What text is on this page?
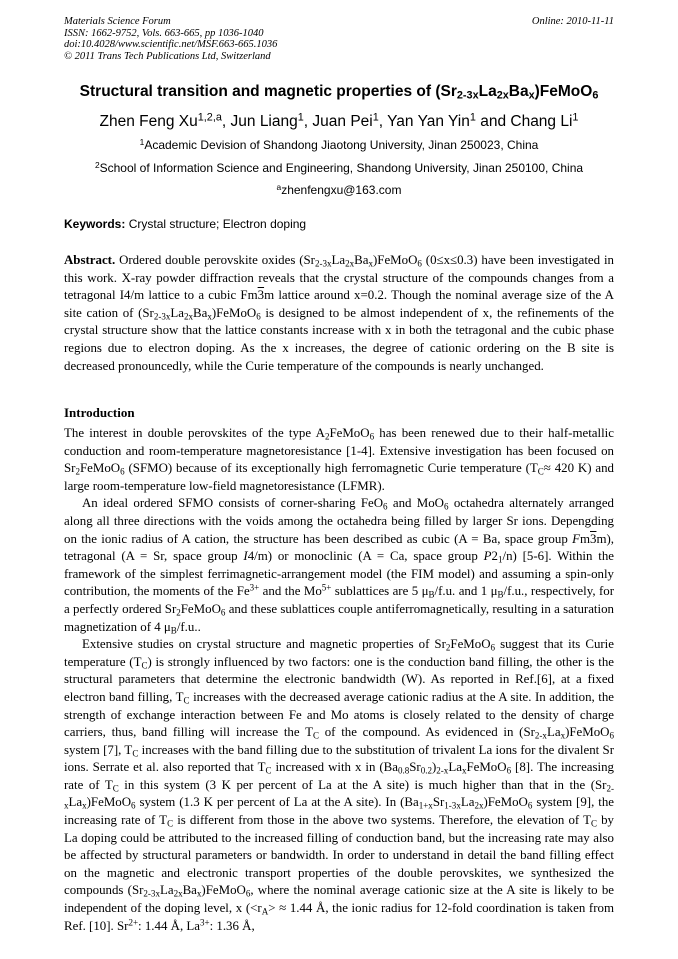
Materials Science Forum
ISSN: 1662-9752, Vols. 663-665, pp 1036-1040
doi:10.4028/www.scientific.net/MSF.663-665.1036
© 2011 Trans Tech Publications Ltd, Switzerland
Online: 2010-11-11
Structural transition and magnetic properties of $(Sr_{2-3x}La_{2x}Ba_x)FeMoO_6$
Zhen Feng Xu$^{1,2,a}$, Jun Liang$^1$, Juan Pei$^1$, Yan Yan Yin$^1$ and Chang Li$^1$
$^1$Academic Devision of Shandong Jiaotong University, Jinan 250023, China
$^2$School of Information Science and Engineering, Shandong University, Jinan 250100, China
$^a$zhenfengxu@163.com
Keywords: Crystal structure; Electron doping

Abstract. Ordered double perovskite oxides $(Sr_{2-3x}La_{2x}Ba_x)FeMoO_6$ (0≤x≤0.3) have been investigated in this work. X-ray powder diffraction reveals that the crystal structure of the compounds changes from a tetragonal I4/m lattice to a cubic Fm3m lattice around x=0.2. Though the nominal average size of the A site cation of $(Sr_{2-3x}La_{2x}Ba_x)FeMoO_6$ is designed to be almost independent of x, the refinements of the crystal structure show that the lattice constants increase with x in both the tetragonal and the cubic phase regions due to electron doping. As the x increases, the degree of cationic ordering on the B site is decreased pronouncedly, while the Curie temperature of the compounds is nearly unchanged.

Introduction

The interest in double perovskites of the type $A_2FeMoO_6$ has been renewed due to their half-metallic conduction and room-temperature magnetoresistance [1-4]. Extensive investigation has been focused on $Sr_2FeMoO_6$ (SFMO) because of its exceptionally high ferromagnetic Curie temperature ($T_C\approx 420$ K) and large room-temperature low-field magnetoresistance (LFMR).

An ideal ordered SFMO consists of corner-sharing FeO$_6$ and MoO$_6$ octahedra alternately arranged along all three directions with the voids among the octahedra being filled by larger Sr ions. Depengding on the ionic radius of A cation, the structure has been described as cubic (A = Ba, space group Fm3m), tetragonal (A = Sr, space group I4/m) or monoclinic (A = Ca, space group $P2_1/n$) [5-6]. Within the framework of the simplest ferrimagnetic-arrangement model (the FIM model) and assuming a spin-only contribution, the moments of the $Fe^{3+}$ and the $Mo^{5+}$ sublattices are 5 $\mu_B/f.u$. and 1 $\mu_B/f.u$., respectively, for a perfectly ordered $Sr_2FeMoO_6$ and these sublattices couple antiferromagnetically, resulting in a saturation magnetization of 4 $\mu_B/f.u$..

Extensive studies on crystal structure and magnetic properties of $Sr_2FeMoO_6$ suggest that its Curie temperature $(T_C)$ is strongly influenced by two factors: one is the conduction band filling, the other is the structural parameters that determine the electronic bandwidth (W). As reported in Ref.[6], at a fixed electron band filling, $T_C$ increases with the decreased average cationic radius at the A site. In addition, the strength of exchange interaction between Fe and Mo atoms is closely related to the density of charge carriers, thus, band filling will increase the $T_C$ of the compound. As evidenced in $(Sr_{2-x}La_x)FeMoO_6$ system [7], $T_C$ increases with the band filling due to the substitution of trivalent La ions for the divalent Sr ions. Serrate et al. also reported that $T_C$ increased with x in $(Ba_{0.8}Sr_{0.2})_{2-x}La_xFeMoO_6$ [8]. The increasing rate of $T_C$ in this system (3 K per percent of La at the A site) is much higher than that in the $(Sr_{2-x}La_x)FeMoO_6$ system (1.3 K per percent of La at the A site). In $(Ba_{1+x}Sr_{1-3x}La_{2x})FeMoO_6$ system [9], the increasing rate of $T_C$ is different from those in the above two systems. Therefore, the elevation of $T_C$ by La doping could be attributed to the increased filling of conduction band, but the increasing rate may also be affected by structural parameters or bandwidth. In order to understand in detail the band filling effect on the magnetic and electronic transport properties of the double perovskites, we synthesized the compounds $(Sr_{2-3x}La_{2x}Ba_x)FeMoO_6$, where the nominal average cationic size at the A site is likely to be independent of the doping level, x ($<r_A> \approx 1.44$ Å, the ionic radius for 12-fold coordination is taken from Ref. [10]. $Sr^{2+}$: 1.44 Å, $La^{3+}$: 1.36 Å,
